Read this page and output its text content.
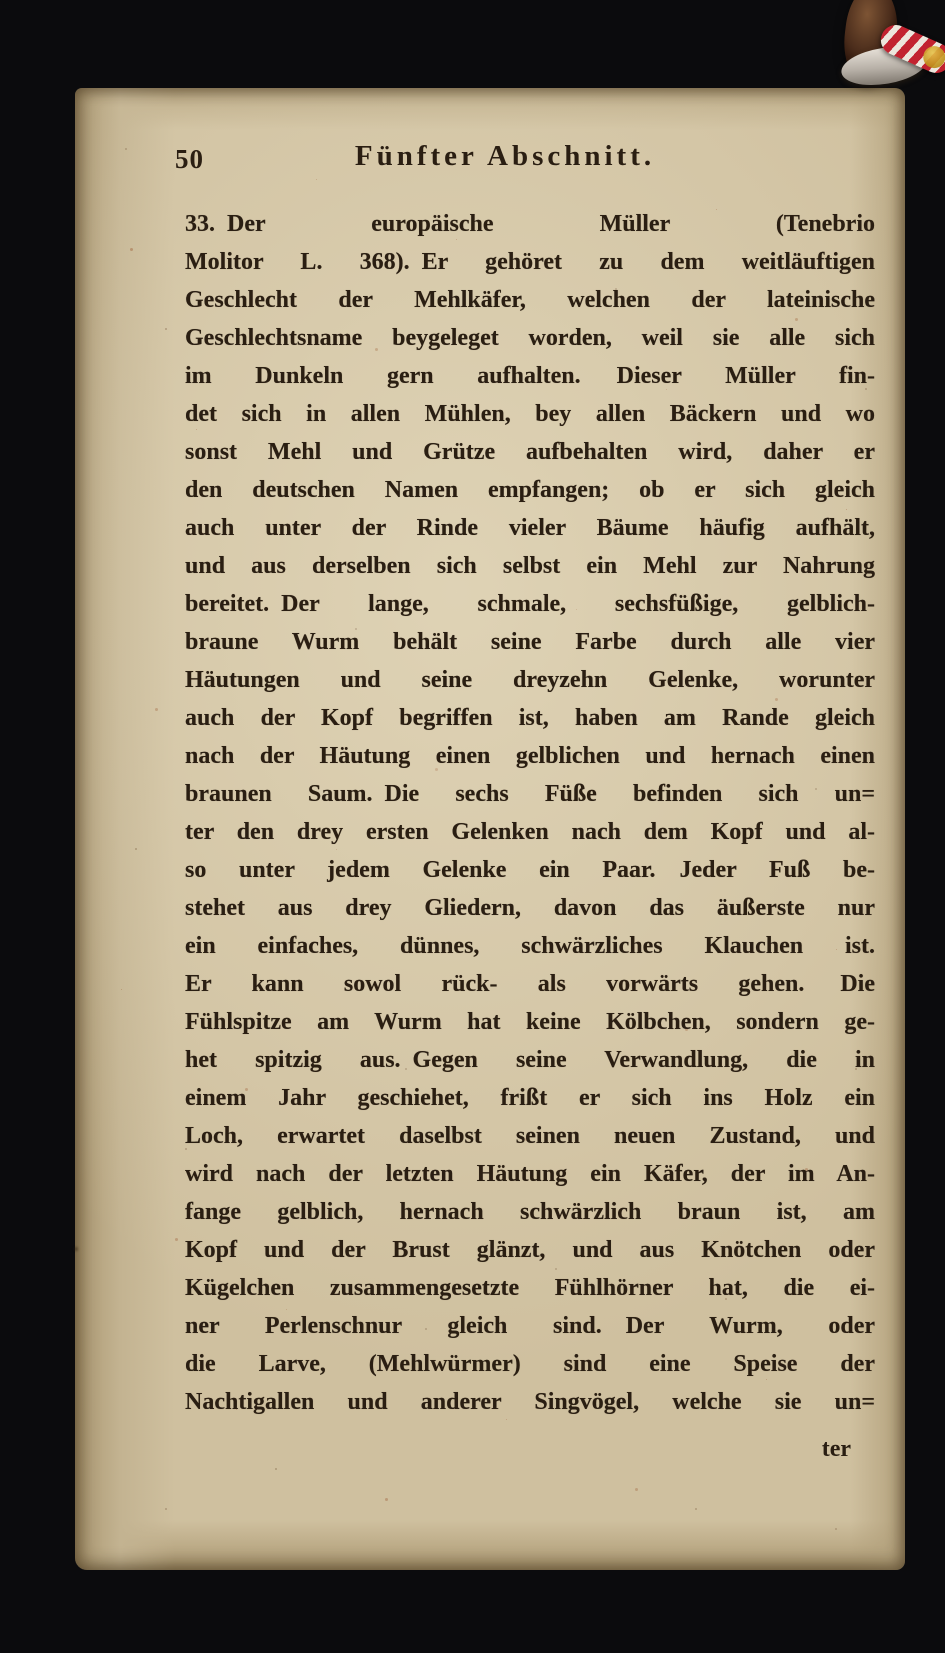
50	Fünfter Abschnitt.
33. Der europäische Müller (Tenebrio
Molitor L. 368). Er gehöret zu dem weitläuftigen
Geschlecht der Mehlkäfer, welchen der lateinische
Geschlechtsname beygeleget worden, weil sie alle sich
im Dunkeln gern aufhalten.  Dieser Müller fin-
det sich in allen Mühlen, bey allen Bäckern und wo
sonst Mehl und Grütze aufbehalten wird, daher er
den deutschen Namen empfangen; ob er sich gleich
auch unter der Rinde vieler Bäume häufig aufhält,
und aus derselben sich selbst ein Mehl zur Nahrung
bereitet. Der lange, schmale, sechsfüßige, gelblich-
braune Wurm behält seine Farbe durch alle vier
Häutungen und seine dreyzehn Gelenke, worunter
auch der Kopf begriffen ist, haben am Rande gleich
nach der Häutung einen gelblichen und hernach einen
braunen Saum. Die sechs Füße befinden sich un=
ter den drey ersten Gelenken nach dem Kopf und al-
so unter jedem Gelenke ein Paar. Jeder Fuß be-
stehet aus drey Gliedern, davon das äußerste nur
ein einfaches, dünnes, schwärzliches Klauchen ist.
Er kann sowol rück- als vorwärts gehen.  Die
Fühlspitze am Wurm hat keine Kölbchen, sondern ge-
het spitzig aus. Gegen seine Verwandlung, die in
einem Jahr geschiehet, frißt er sich ins Holz ein
Loch, erwartet daselbst seinen neuen Zustand, und
wird nach der letzten Häutung ein Käfer, der im An-
fange gelblich, hernach schwärzlich braun ist, am
Kopf und der Brust glänzt, und aus Knötchen oder
Kügelchen zusammengesetzte Fühlhörner hat, die ei-
ner Perlenschnur gleich sind. Der Wurm, oder
die Larve, (Mehlwürmer) sind eine Speise der
Nachtigallen und anderer Singvögel, welche sie un=
ter
